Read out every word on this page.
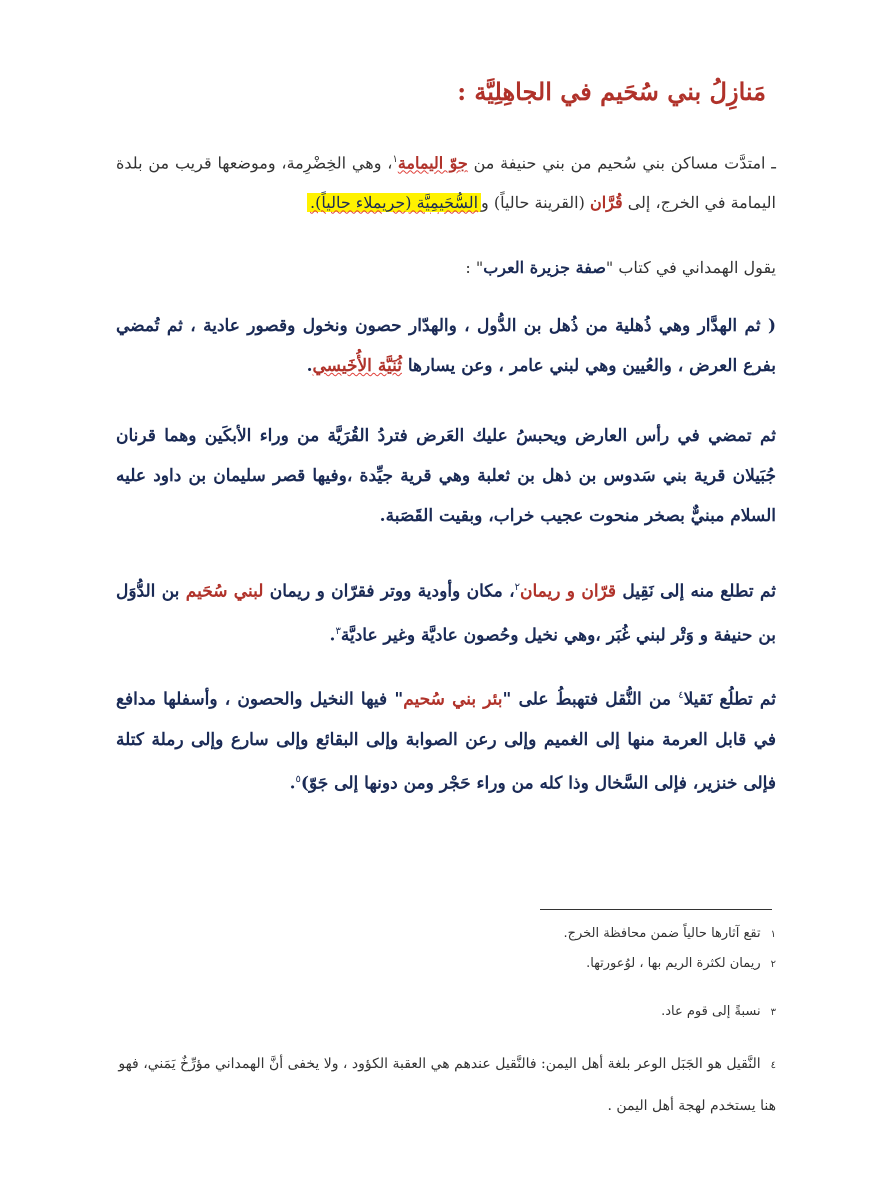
مَنازِلُ بني سُحَيم في الجاهِلِيَّة :
ـ امتدَّت مساكن بني سُحيم من بني حنيفة من جوّ اليمامة$^١$، وهي الخِضْرِمة، وموضعها قريب من بلدة اليمامة في الخرج، إلى قُرَّان (القرينة حالياً) والسُّحَيمِيَّة (حريملاء حالياً).
يقول الهمداني في كتاب "صفة جزيرة العرب" :
( ثم الهدَّار وهي ذُهلية من ذُهل بن الدُّول ، والهدّار حصون ونخول وقصور عادية ، ثم تُمضي بفرع العرض ، والعُيين وهي لبني عامر ، وعن يسارها ثُنَيَّة الأُخَيسي.
ثم تمضي في رأس العارض ويحبسُ عليك العَرض فتردُ القُرَيَّة من وراء الأبكَين وهما قرنان جُبَيلان قرية بني سَدوس بن ذهل بن ثعلبة وهي قرية جيِّدة ،وفيها قصر سليمان بن داود عليه السلام مبنيٌّ بصخر منحوت عجيب خراب، وبقيت القَصَبة.
ثم تطلع منه إلى نَقِيل قرّان و ريمان$^٢$، مكان وأودية ووتر فقرّان و ريمان لبني سُحَيم بن الدُّوَل بن حنيفة و وَتْر لبني غُبَر ،وهي نخيل وحُصون عاديَّة وغير عاديَّة$^٣$.
ثم تطلُع نَقيلا$^٤$ من النُّقل فتهبطُ على "بئر بني سُحيم" فيها النخيل والحصون ، وأسفلها مدافع في قابل العرمة منها إلى الغميم وإلى رعن الصوابة وإلى البقائع وإلى سارع وإلى رملة كتلة فإلى خنزير، فإلى السَّخال وذا كله من وراء حَجْر ومن دونها إلى جَوّ)$^٥$.
١تقع آثارها حالياً ضمن محافظة الخرج.
٢ريمان لكثرة الريم بها ، لوُعورتها.
٣نسبةً إلى قوم عاد.
٤النَّقيل هو الجَبَل الوعر بلغة أهل اليمن: فالنَّقيل عندهم هي العقبة الكؤود ، ولا يخفى أنَّ الهمداني مؤرِّخٌ يَمَني، فهو هنا يستخدم لهجة أهل اليمن .
